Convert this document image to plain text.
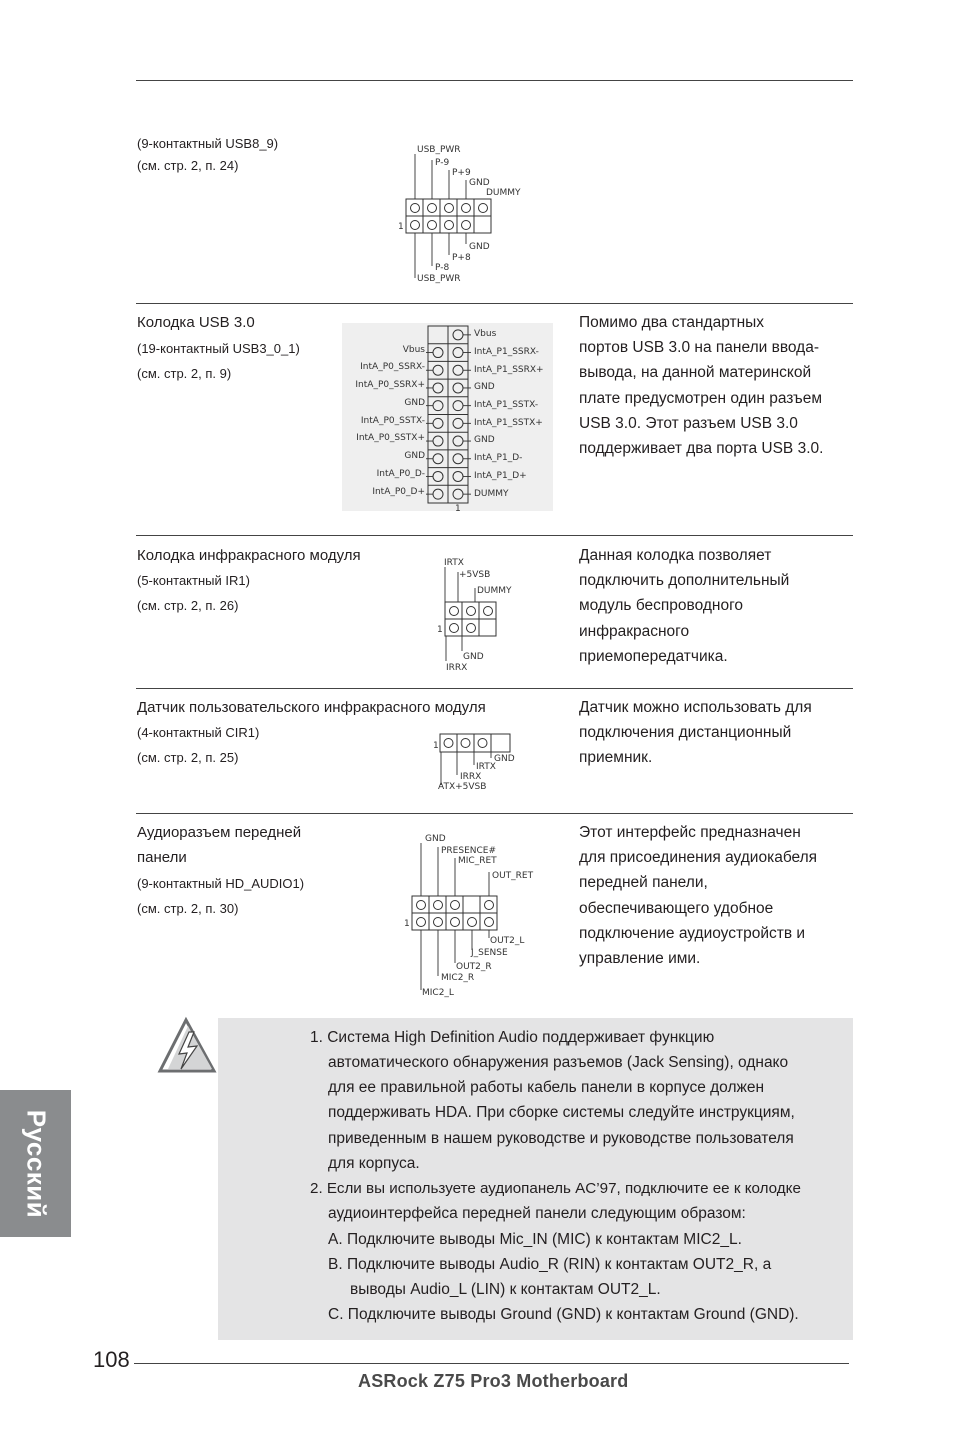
(9-контактный USB8_9)
(см. стр. 2, п. 24)
USB_PWR
P-9
P+9
GND
DUMMY
1
GND
P+8
P-8
USB_PWR
Колодка USB 3.0
(19-контактный USB3_0_1)
(см. стр. 2, п. 9)
Vbus
IntA_P0_SSRX-
IntA_P0_SSRX+
GND
IntA_P0_SSTX-
IntA_P0_SSTX+
GND
IntA_P0_D-
IntA_P0_D+
Vbus
IntA_P1_SSRX-
IntA_P1_SSRX+
GND
IntA_P1_SSTX-
IntA_P1_SSTX+
GND
IntA_P1_D-
IntA_P1_D+
DUMMY
1
Помимо два стандартных
портов USB 3.0 на панели ввода-
вывода, на данной материнской
плате предусмотрен один разъем
USB 3.0. Этот разъем USB 3.0
поддерживает два порта USB 3.0.
Колодка инфракрасного модуля
(5-контактный IR1)
(см. стр. 2, п. 26)
IRTX
+5VSB
DUMMY
1
GND
IRRX
Данная колодка позволяет
подключить дополнительный
модуль беспроводного
инфракрасного
приемопередатчика.
Датчик пользовательского инфракрасного модуля
(4-контактный CIR1)
(см. стр. 2, п. 25)
1
GND
IRTX
IRRX
ATX+5VSB
Датчик можно использовать для
подключения дистанционный
приемник.
Аудиоразъем передней
панели
(9-контактный HD_AUDIO1)
(см. стр. 2, п. 30)
GND
PRESENCE#
MIC_RET
OUT_RET
1
OUT2_L
J_SENSE
OUT2_R
MIC2_R
MIC2_L
Этот интерфейс предназначен
для присоединения аудиокабеля
передней панели,
обеспечивающего удобное
подключение аудиоустройств и
управление ими.

1. Система High Definition Audio поддерживает функцию

автоматического обнаружения разъемов (Jack Sensing), однако

для ее правильной работы кабель панели в корпусе должен

поддерживать HDA. При сборке системы следуйте инструкциям,

приведенным в нашем руководстве и руководстве пользователя

для корпуса.

2. Если вы используете аудиопанель AC’97, подключите ее к колодке

аудиоинтерфейса передней панели следующим образом:

A. Подключите выводы Mic_IN (MIC) к контактам MIC2_L.

B. Подключите выводы Audio_R (RIN) к контактам OUT2_R, а

выводы Audio_L (LIN) к контактам OUT2_L.

C. Подключите выводы Ground (GND) к контактам Ground (GND).

Русский
108
ASRock Z75 Pro3 Motherboard
